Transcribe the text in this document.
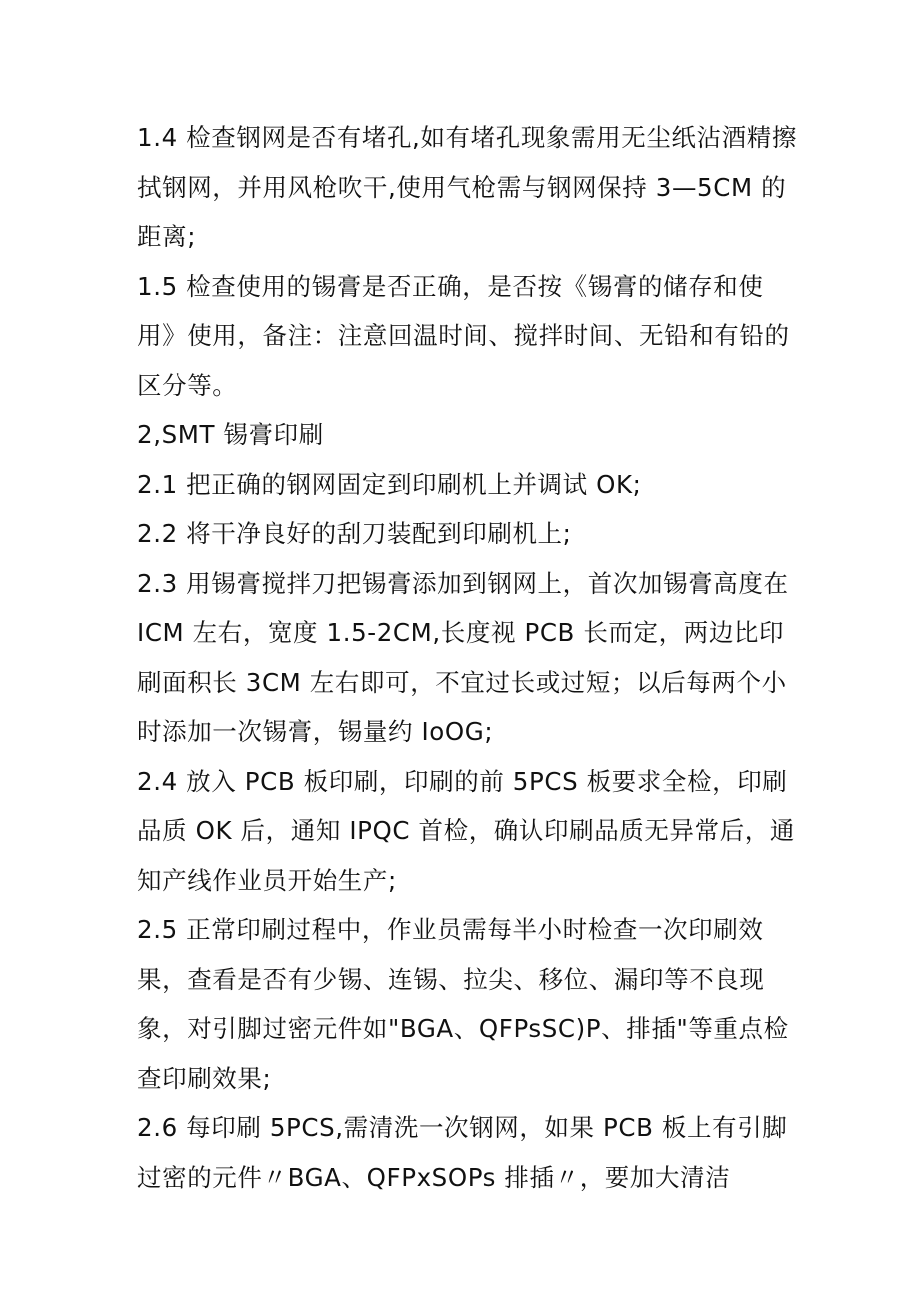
1.4 检查钢网是否有堵孔,如有堵孔现象需用无尘纸沾酒精擦拭钢网，并用风枪吹干,使用气枪需与钢网保持 3—5CM 的距离;

1.5 检查使用的锡膏是否正确，是否按《锡膏的储存和使用》使用，备注：注意回温时间、搅拌时间、无铅和有铅的区分等。

2,SMT 锡膏印刷

2.1 把正确的钢网固定到印刷机上并调试 OK;

2.2 将干净良好的刮刀装配到印刷机上;

2.3 用锡膏搅拌刀把锡膏添加到钢网上，首次加锡膏高度在 ICM 左右，宽度 1.5-2CM,长度视 PCB 长而定，两边比印刷面积长 3CM 左右即可，不宜过长或过短；以后每两个小时添加一次锡膏，锡量约 IoOG;

2.4 放入 PCB 板印刷，印刷的前 5PCS 板要求全检，印刷品质 OK 后，通知 IPQC 首检，确认印刷品质无异常后，通知产线作业员开始生产;

2.5 正常印刷过程中，作业员需每半小时检查一次印刷效果，查看是否有少锡、连锡、拉尖、移位、漏印等不良现象，对引脚过密元件如"BGA、QFPsSC)P、排插"等重点检查印刷效果;

2.6 每印刷 5PCS,需清洗一次钢网，如果 PCB 板上有引脚过密的元件〃BGA、QFPxSOPs 排插〃，要加大清洁
